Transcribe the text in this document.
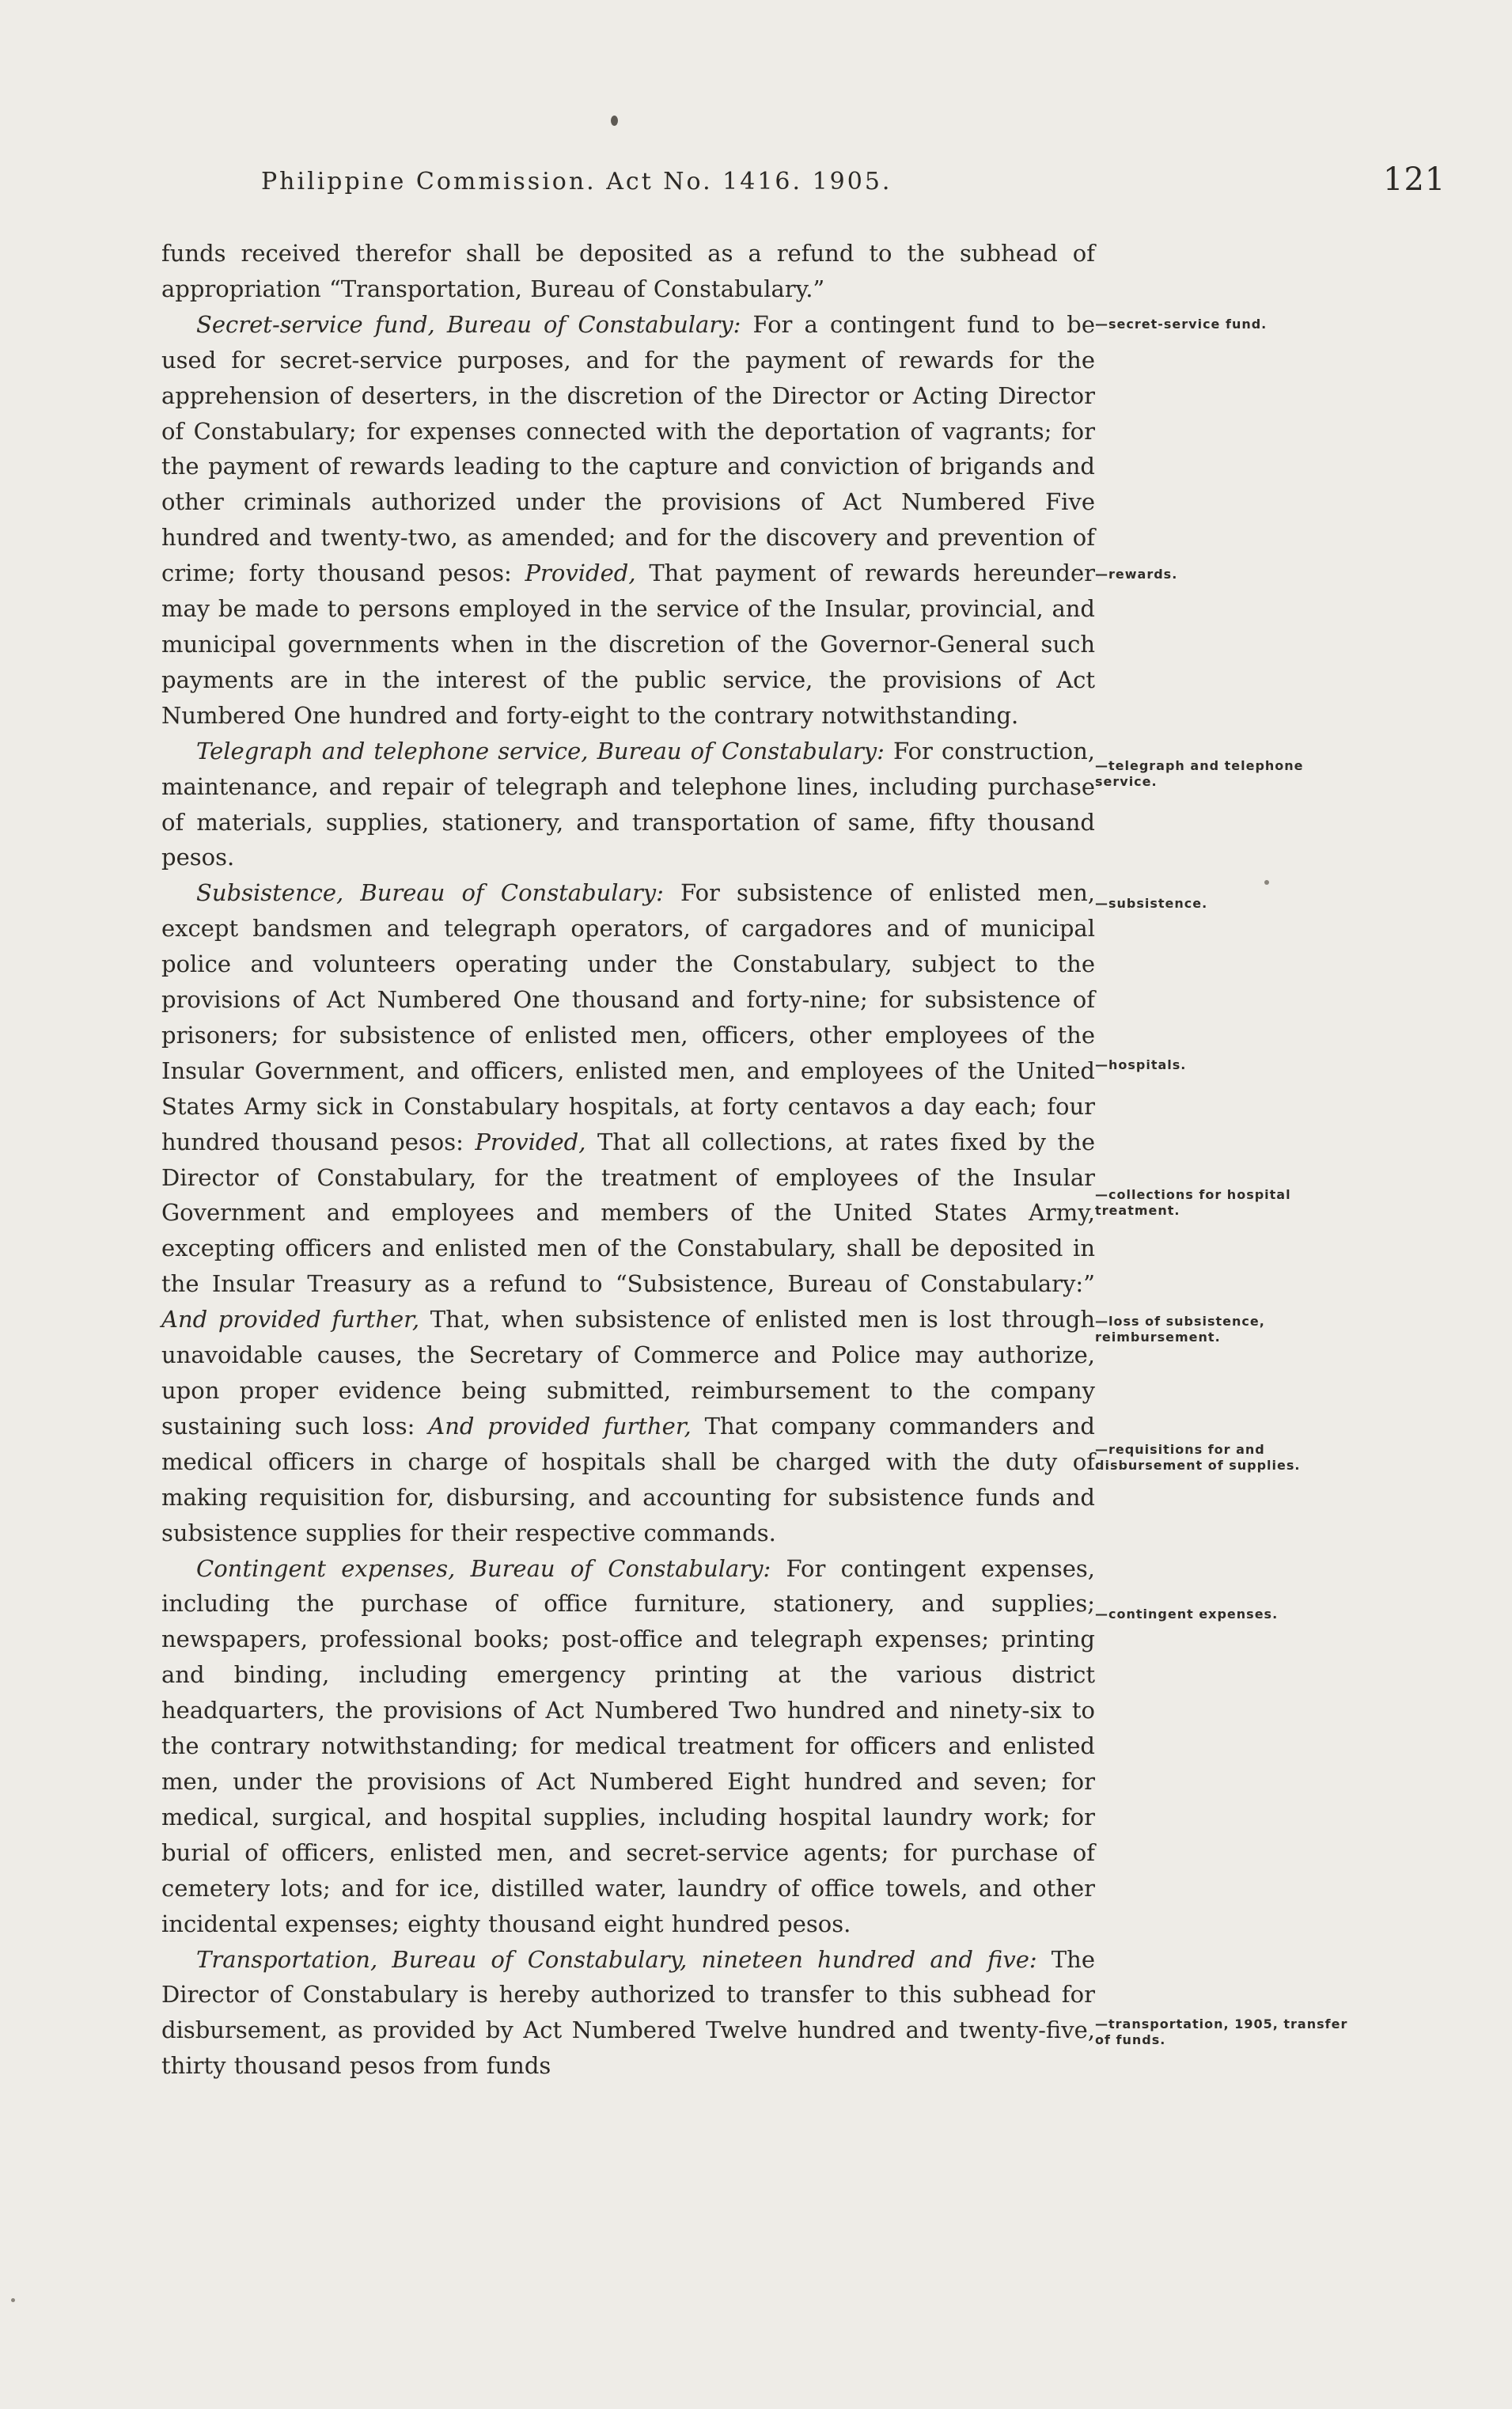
Philippine Commission. Act No. 1416. 1905.	121

funds received therefor shall be deposited as a refund to the subhead of appropriation “Transportation, Bureau of Constabulary.”

Secret-service fund, Bureau of Constabulary: For a contingent fund to be used for secret-service purposes, and for the payment of rewards for the apprehension of deserters, in the discretion of the Director or Acting Director of Constabulary; for expenses connected with the deportation of vagrants; for the payment of rewards leading to the capture and conviction of brigands and other criminals authorized under the provisions of Act Numbered Five hundred and twenty-two, as amended; and for the discovery and prevention of crime; forty thousand pesos: Provided, That payment of rewards hereunder may be made to persons employed in the service of the Insular, provincial, and municipal governments when in the discretion of the Governor-General such payments are in the interest of the public service, the provisions of Act Numbered One hundred and forty-eight to the contrary notwithstanding.

Telegraph and telephone service, Bureau of Constabulary: For construction, maintenance, and repair of telegraph and telephone lines, including purchase of materials, supplies, stationery, and transportation of same, fifty thousand pesos.

Subsistence, Bureau of Constabulary: For subsistence of enlisted men, except bandsmen and telegraph operators, of cargadores and of municipal police and volunteers operating under the Constabulary, subject to the provisions of Act Numbered One thousand and forty-nine; for subsistence of prisoners; for subsistence of enlisted men, officers, other employees of the Insular Government, and officers, enlisted men, and employees of the United States Army sick in Constabulary hospitals, at forty centavos a day each; four hundred thousand pesos: Provided, That all collections, at rates fixed by the Director of Constabulary, for the treatment of employees of the Insular Government and employees and members of the United States Army, excepting officers and enlisted men of the Constabulary, shall be deposited in the Insular Treasury as a refund to “Subsistence, Bureau of Constabulary:” And provided further, That, when subsistence of enlisted men is lost through unavoidable causes, the Secretary of Commerce and Police may authorize, upon proper evidence being submitted, reimbursement to the company sustaining such loss: And provided further, That company commanders and medical officers in charge of hospitals shall be charged with the duty of making requisition for, disbursing, and accounting for subsistence funds and subsistence supplies for their respective commands.

Contingent expenses, Bureau of Constabulary: For contingent expenses, including the purchase of office furniture, stationery, and supplies; newspapers, professional books; post-office and telegraph expenses; printing and binding, including emergency printing at the various district headquarters, the provisions of Act Numbered Two hundred and ninety-six to the contrary notwithstanding; for medical treatment for officers and enlisted men, under the provisions of Act Numbered Eight hundred and seven; for medical, surgical, and hospital supplies, including hospital laundry work; for burial of officers, enlisted men, and secret-service agents; for purchase of cemetery lots; and for ice, distilled water, laundry of office towels, and other incidental expenses; eighty thousand eight hundred pesos.

Transportation, Bureau of Constabulary, nineteen hundred and five: The Director of Constabulary is hereby authorized to transfer to this subhead for disbursement, as provided by Act Numbered Twelve hundred and twenty-five, thirty thousand pesos from funds

—secret-service fund.
—rewards.
—telegraph and telephone service.
—subsistence.
—hospitals.
—collections for hospital treatment.
—loss of subsistence, reimbursement.
—requisitions for and disbursement of supplies.
—contingent expenses.
—transportation, 1905, transfer of funds.
